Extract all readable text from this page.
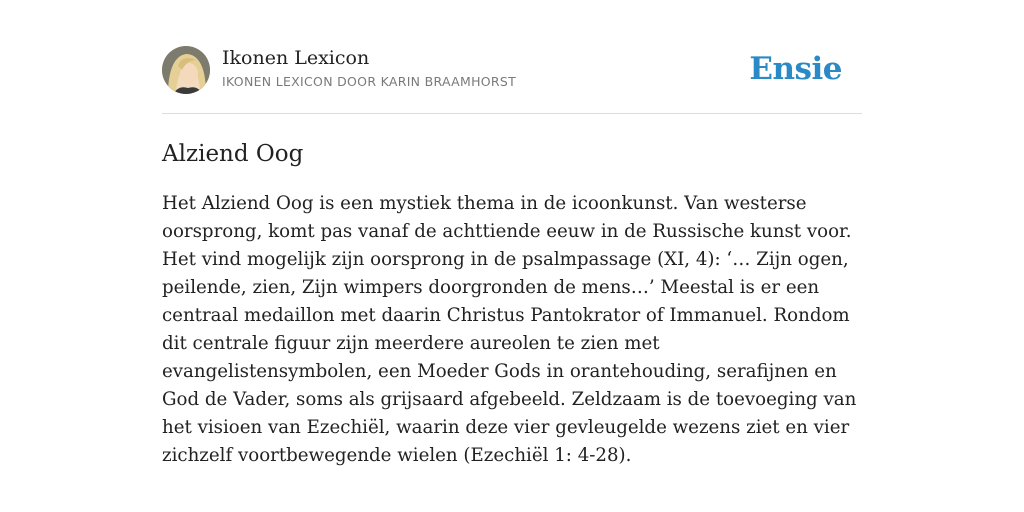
Ikonen Lexicon
IKONEN LEXICON DOOR KARIN BRAAMHORST	Ensie
Alziend Oog

Het Alziend Oog is een mystiek thema in de icoonkunst. Van westerse oorsprong, komt pas vanaf de achttiende eeuw in de Russische kunst voor. Het vind mogelijk zijn oorsprong in de psalmpassage (XI, 4): ‘… Zijn ogen, peilende, zien, Zijn wimpers doorgronden de mens…’ Meestal is er een centraal medaillon met daarin Christus Pantokrator of Immanuel. Rondom dit centrale figuur zijn meerdere aureolen te zien met evangelistensymbolen, een Moeder Gods in orantehouding, serafijnen en God de Vader, soms als grijsaard afgebeeld. Zeldzaam is de toevoeging van het visioen van Ezechiël, waarin deze vier gevleugelde wezens ziet en vier zichzelf voortbewegende wielen (Ezechiël 1: 4-28).
